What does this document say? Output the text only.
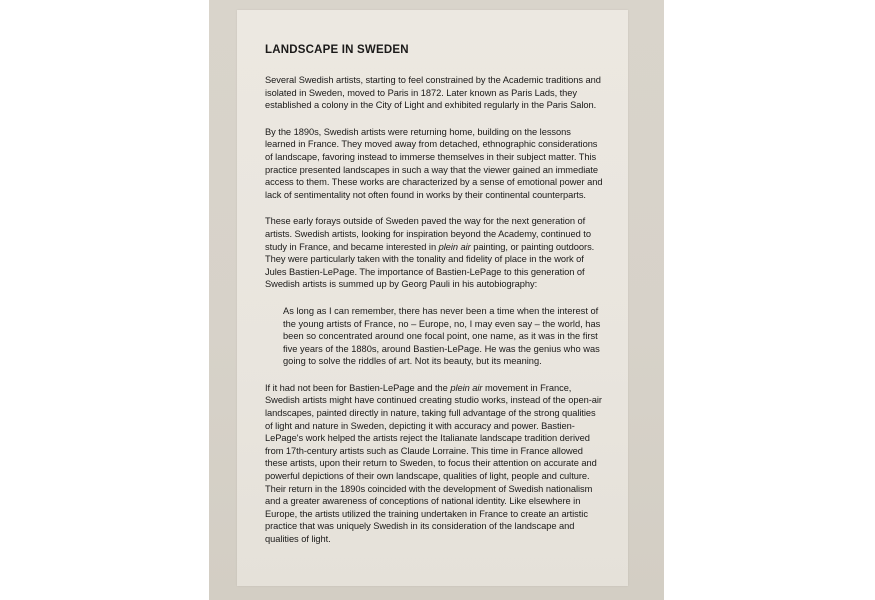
LANDSCAPE IN SWEDEN
Several Swedish artists, starting to feel constrained by the Academic traditions and isolated in Sweden, moved to Paris in 1872. Later known as Paris Lads, they established a colony in the City of Light and exhibited regularly in the Paris Salon.
By the 1890s, Swedish artists were returning home, building on the lessons learned in France. They moved away from detached, ethnographic considerations of landscape, favoring instead to immerse themselves in their subject matter. This practice presented landscapes in such a way that the viewer gained an immediate access to them. These works are characterized by a sense of emotional power and lack of sentimentality not often found in works by their continental counterparts.
These early forays outside of Sweden paved the way for the next generation of artists. Swedish artists, looking for inspiration beyond the Academy, continued to study in France, and became interested in plein air painting, or painting outdoors. They were particularly taken with the tonality and fidelity of place in the work of Jules Bastien-LePage. The importance of Bastien-LePage to this generation of Swedish artists is summed up by Georg Pauli in his autobiography:
As long as I can remember, there has never been a time when the interest of the young artists of France, no – Europe, no, I may even say – the world, has been so concentrated around one focal point, one name, as it was in the first five years of the 1880s, around Bastien-LePage. He was the genius who was going to solve the riddles of art. Not its beauty, but its meaning.
If it had not been for Bastien-LePage and the plein air movement in France, Swedish artists might have continued creating studio works, instead of the open-air landscapes, painted directly in nature, taking full advantage of the strong qualities of light and nature in Sweden, depicting it with accuracy and power. Bastien-LePage's work helped the artists reject the Italianate landscape tradition derived from 17th-century artists such as Claude Lorraine. This time in France allowed these artists, upon their return to Sweden, to focus their attention on accurate and powerful depictions of their own landscape, qualities of light, people and culture. Their return in the 1890s coincided with the development of Swedish nationalism and a greater awareness of conceptions of national identity. Like elsewhere in Europe, the artists utilized the training undertaken in France to create an artistic practice that was uniquely Swedish in its consideration of the landscape and qualities of light.
